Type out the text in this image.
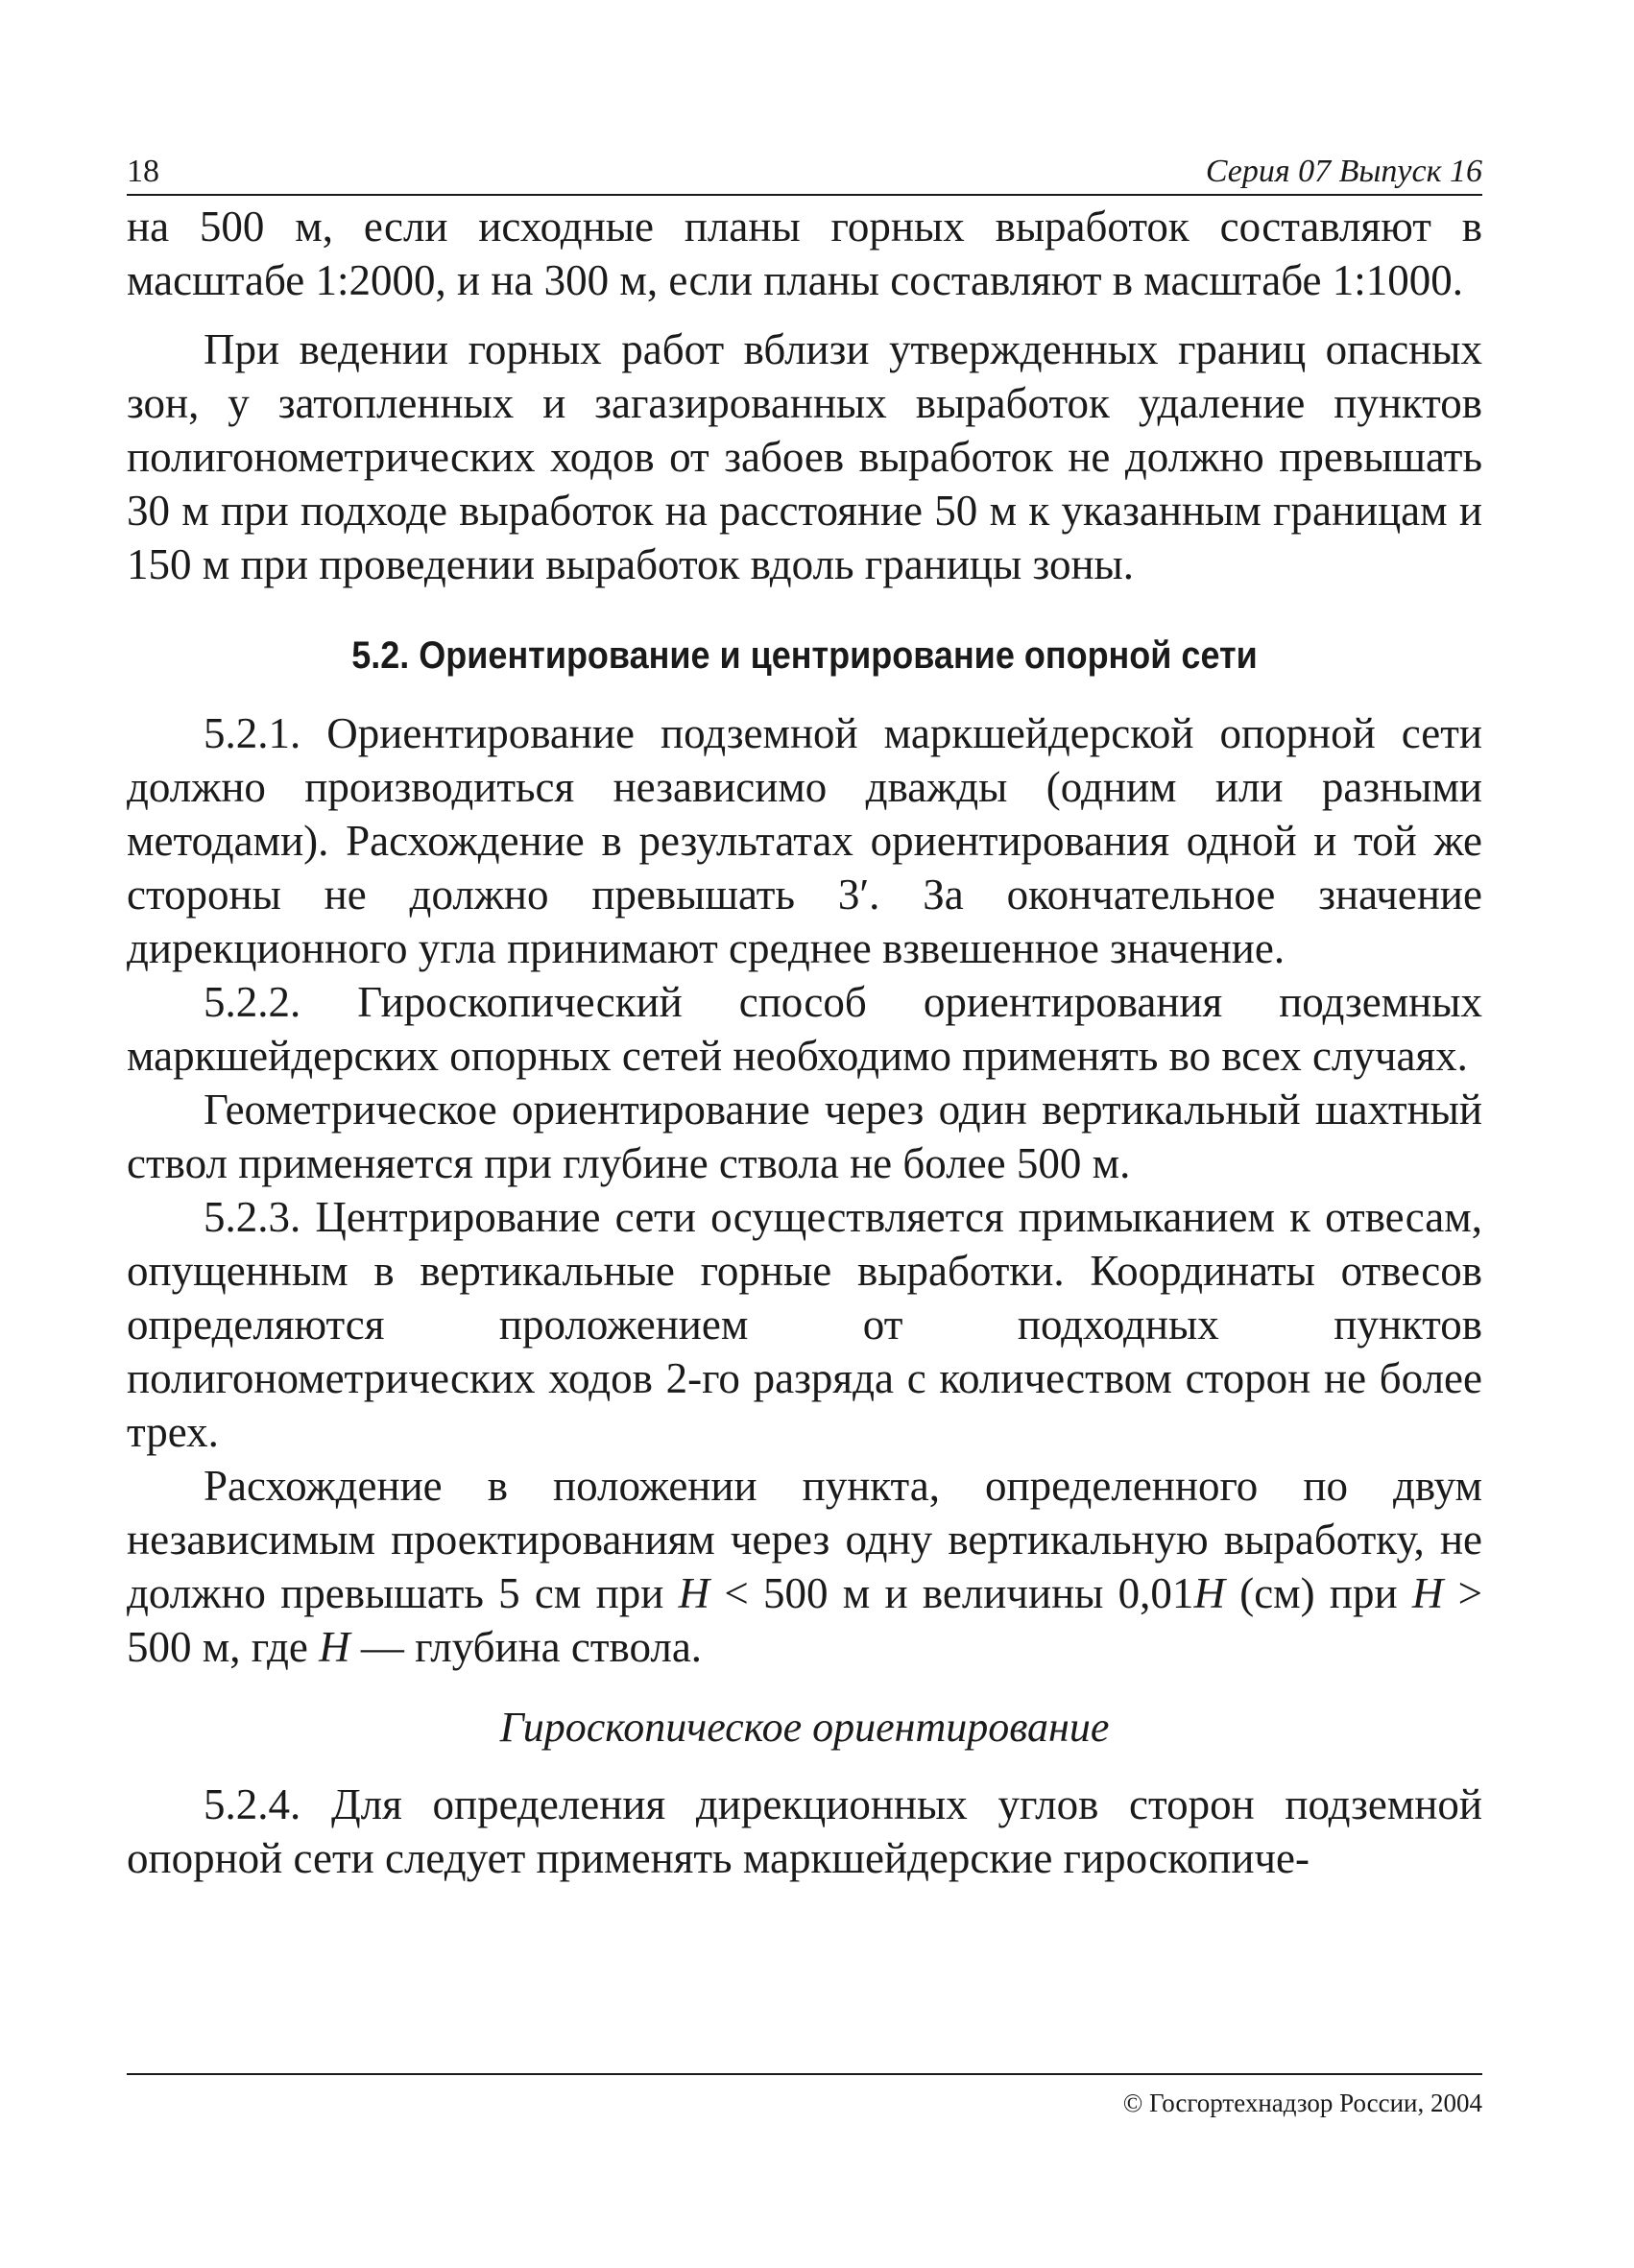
18	Серия 07 Выпуск 16

на 500 м, если исходные планы горных выработок составляют в масштабе 1:2000, и на 300 м, если планы составляют в масштабе 1:1000.

При ведении горных работ вблизи утвержденных границ опасных зон, у затопленных и загазированных выработок удаление пунктов полигонометрических ходов от забоев выработок не должно превышать 30 м при подходе выработок на расстояние 50 м к указанным границам и 150 м при проведении выработок вдоль границы зоны.

5.2. Ориентирование и центрирование опорной сети

5.2.1. Ориентирование подземной маркшейдерской опорной сети должно производиться независимо дважды (одним или разными методами). Расхождение в результатах ориентирования одной и той же стороны не должно превышать 3′. За окончательное значение дирекционного угла принимают среднее взвешенное значение.

5.2.2. Гироскопический способ ориентирования подземных маркшейдерских опорных сетей необходимо применять во всех случаях.

Геометрическое ориентирование через один вертикальный шахтный ствол применяется при глубине ствола не более 500 м.

5.2.3. Центрирование сети осуществляется примыканием к отвесам, опущенным в вертикальные горные выработки. Координаты отвесов определяются проложением от подходных пунктов полигонометрических ходов 2-го разряда с количеством сторон не более трех.

Расхождение в положении пункта, определенного по двум независимым проектированиям через одну вертикальную выработку, не должно превышать 5 см при H < 500 м и величины 0,01H (см) при H > 500 м, где H — глубина ствола.

Гироскопическое ориентирование

5.2.4. Для определения дирекционных углов сторон подземной опорной сети следует применять маркшейдерские гироскопиче-

© Госгортехнадзор России, 2004
